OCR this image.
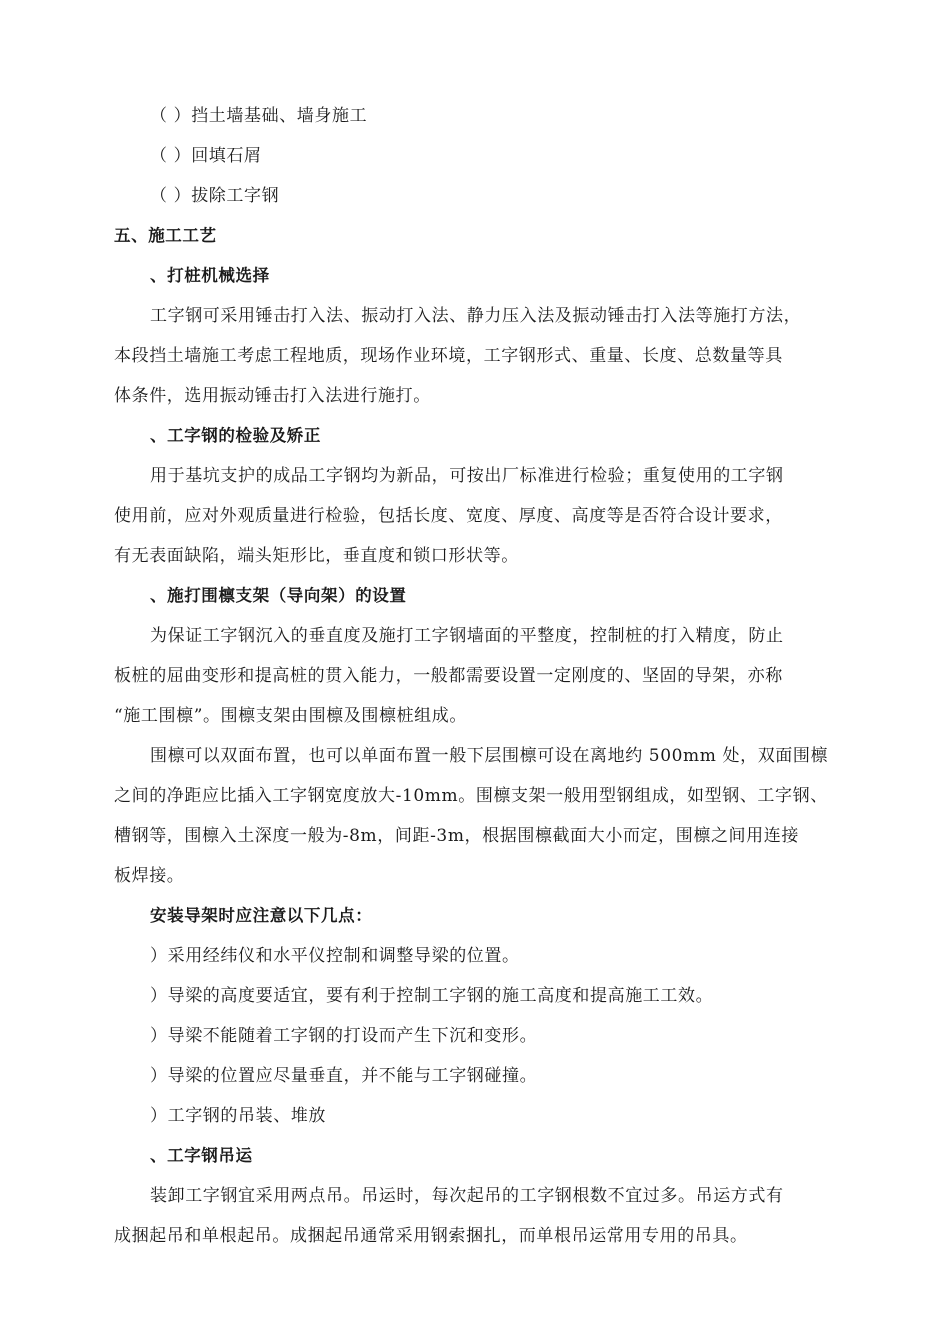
（ ）挡土墙基础、墙身施工
（ ）回填石屑
（ ）拔除工字钢
五、施工工艺
、打桩机械选择
工字钢可采用锤击打入法、振动打入法、静力压入法及振动锤击打入法等施打方法，
本段挡土墙施工考虑工程地质，现场作业环境，工字钢形式、重量、长度、总数量等具
体条件，选用振动锤击打入法进行施打。
、工字钢的检验及矫正
用于基坑支护的成品工字钢均为新品，可按出厂标准进行检验；重复使用的工字钢
使用前，应对外观质量进行检验，包括长度、宽度、厚度、高度等是否符合设计要求，
有无表面缺陷，端头矩形比，垂直度和锁口形状等。
、施打围檩支架（导向架）的设置
为保证工字钢沉入的垂直度及施打工字钢墙面的平整度，控制桩的打入精度，防止
板桩的屈曲变形和提高桩的贯入能力，一般都需要设置一定刚度的、坚固的导架，亦称
“施工围檩”。围檩支架由围檩及围檩桩组成。
围檩可以双面布置，也可以单面布置一般下层围檩可设在离地约 500mm 处，双面围檩
之间的净距应比插入工字钢宽度放大-10mm。围檩支架一般用型钢组成，如型钢、工字钢、
槽钢等，围檩入土深度一般为-8m，间距-3m，根据围檩截面大小而定，围檩之间用连接
板焊接。
安装导架时应注意以下几点：
）采用经纬仪和水平仪控制和调整导梁的位置。
）导梁的高度要适宜，要有利于控制工字钢的施工高度和提高施工工效。
）导梁不能随着工字钢的打设而产生下沉和变形。
）导梁的位置应尽量垂直，并不能与工字钢碰撞。
）工字钢的吊装、堆放
、工字钢吊运
装卸工字钢宜采用两点吊。吊运时，每次起吊的工字钢根数不宜过多。吊运方式有
成捆起吊和单根起吊。成捆起吊通常采用钢索捆扎，而单根吊运常用专用的吊具。
